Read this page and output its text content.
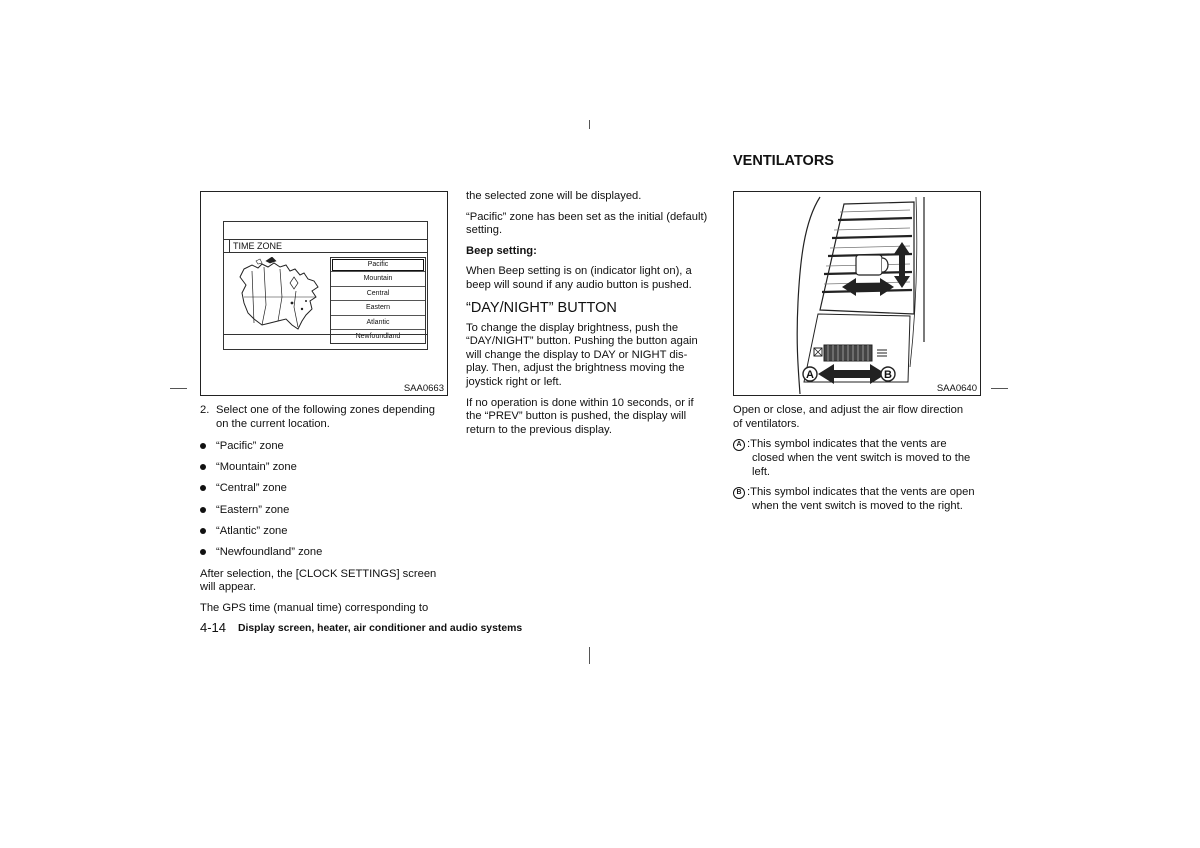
TIME ZONE
Pacific
Mountain
Central
Eastern
Atlantic
Newfoundland
SAA0663
2. Select one of the following zones depending
on the current location.
“Pacific” zone
“Mountain” zone
“Central” zone
“Eastern” zone
“Atlantic” zone
“Newfoundland” zone
After selection, the [CLOCK SETTINGS] screen
will appear.
The GPS time (manual time) corresponding to
4-14 Display screen, heater, air conditioner and audio systems
the selected zone will be displayed.
“Pacific” zone has been set as the initial (default)
setting.
Beep setting:
When Beep setting is on (indicator light on), a
beep will sound if any audio button is pushed.
“DAY/NIGHT” BUTTON
To change the display brightness, push the
“DAY/NIGHT” button. Pushing the button again
will change the display to DAY or NIGHT dis-
play. Then, adjust the brightness moving the
joystick right or left.
If no operation is done within 10 seconds, or if
the “PREV” button is pushed, the display will
return to the previous display.
VENTILATORS
A	B
SAA0640
Open or close, and adjust the air flow direction
of ventilators.
A :This symbol indicates that the vents are
closed when the vent switch is moved to the
left.
B :This symbol indicates that the vents are open
when the vent switch is moved to the right.
